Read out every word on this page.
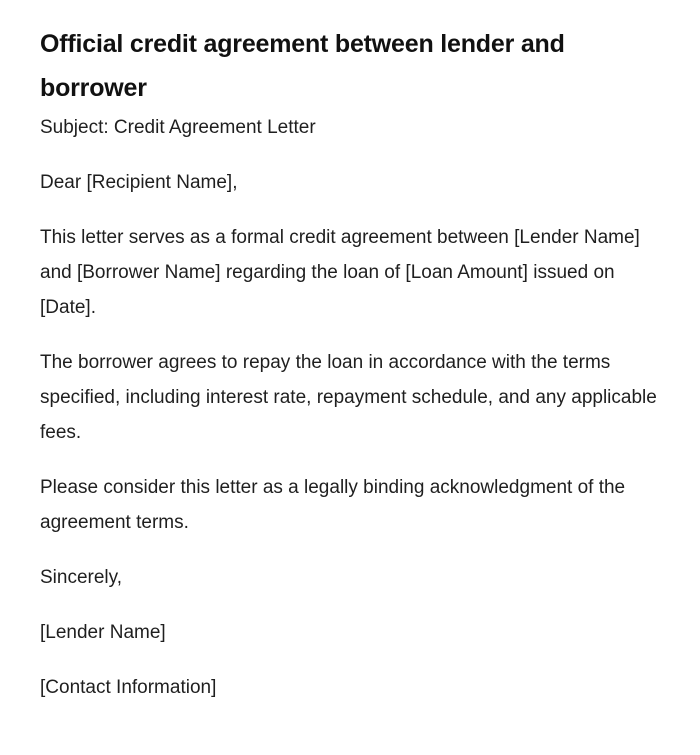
Official credit agreement between lender and borrower

Subject: Credit Agreement Letter

Dear [Recipient Name],

This letter serves as a formal credit agreement between [Lender Name] and [Borrower Name] regarding the loan of [Loan Amount] issued on [Date].

The borrower agrees to repay the loan in accordance with the terms specified, including interest rate, repayment schedule, and any applicable fees.

Please consider this letter as a legally binding acknowledgment of the agreement terms.

Sincerely,

[Lender Name]

[Contact Information]
